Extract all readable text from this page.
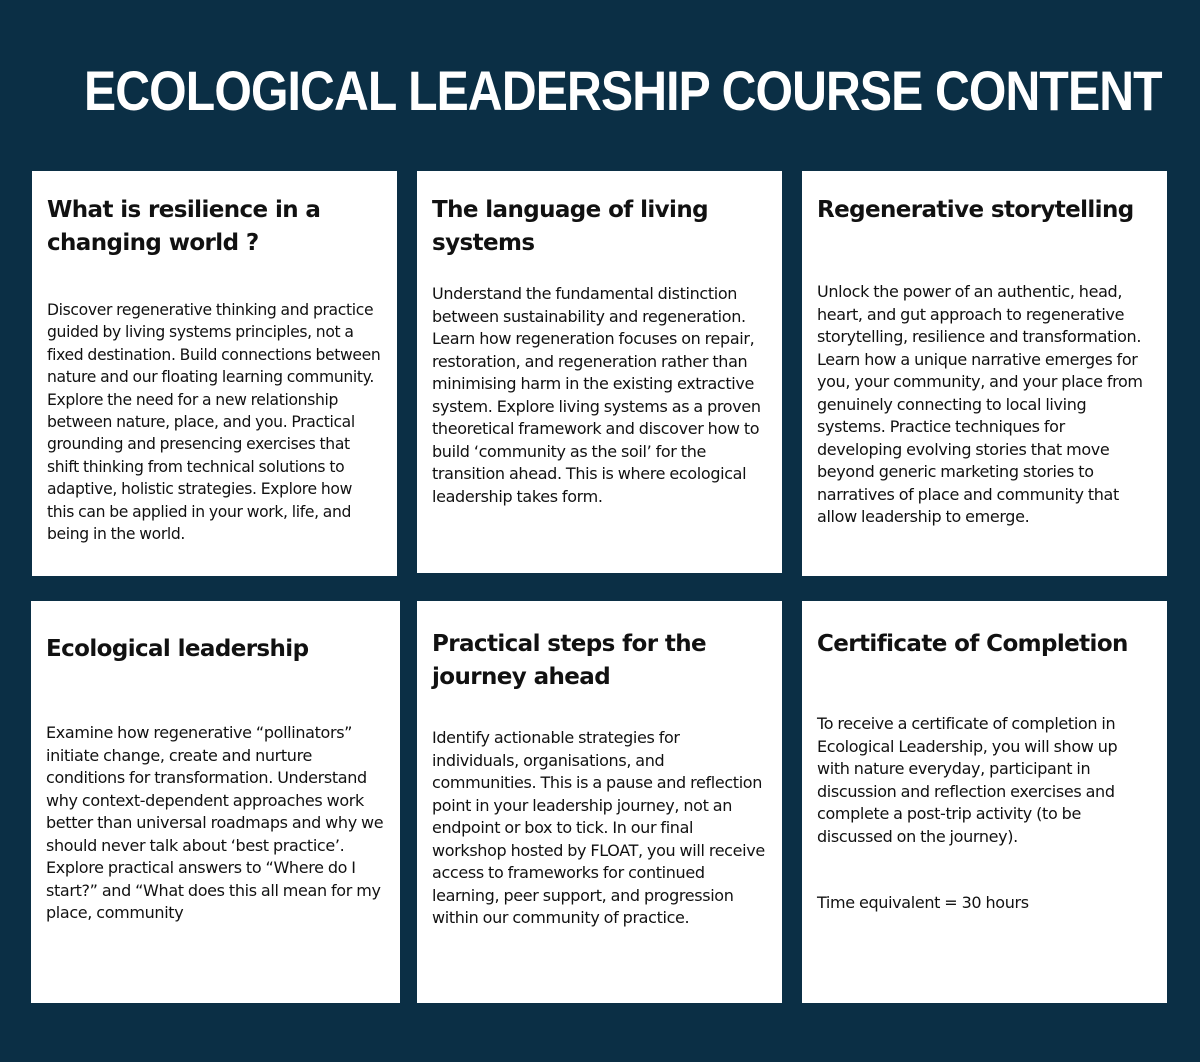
ECOLOGICAL LEADERSHIP COURSE CONTENT
What is resilience in a changing world ?

Discover regenerative thinking and practice guided by living systems principles, not a fixed destination. Build connections between nature and our floating learning community. Explore the need for a new relationship between nature, place, and you. Practical grounding and presencing exercises that shift thinking from technical solutions to adaptive, holistic strategies. Explore how this can be applied in your work, life, and being in the world.

The language of living systems

Understand the fundamental distinction between sustainability and regeneration. Learn how regeneration focuses on repair, restoration, and regeneration rather than minimising harm in the existing extractive system. Explore living systems as a proven theoretical framework and discover how to build ‘community as the soil’ for the transition ahead. This is where ecological leadership takes form.

Regenerative storytelling

Unlock the power of an authentic, head, heart, and gut approach to regenerative storytelling, resilience and transformation. Learn how a unique narrative emerges for you, your community, and your place from genuinely connecting to local living systems. Practice techniques for developing evolving stories that move beyond generic marketing stories to narratives of place and community that allow leadership to emerge.

Ecological leadership

Examine how regenerative “pollinators” initiate change, create and nurture conditions for transformation. Understand why context-dependent approaches work better than universal roadmaps and why we should never talk about ‘best practice’. Explore practical answers to “Where do I start?” and “What does this all mean for my place, community

Practical steps for the journey ahead

Identify actionable strategies for individuals, organisations, and communities. This is a pause and reflection point in your leadership journey, not an endpoint or box to tick. In our final workshop hosted by FLOAT, you will receive access to frameworks for continued learning, peer support, and progression within our community of practice.

Certificate of Completion

To receive a certificate of completion in Ecological Leadership, you will show up with nature everyday, participant in discussion and reflection exercises and complete a post-trip activity (to be discussed on the journey).

Time equivalent = 30 hours
